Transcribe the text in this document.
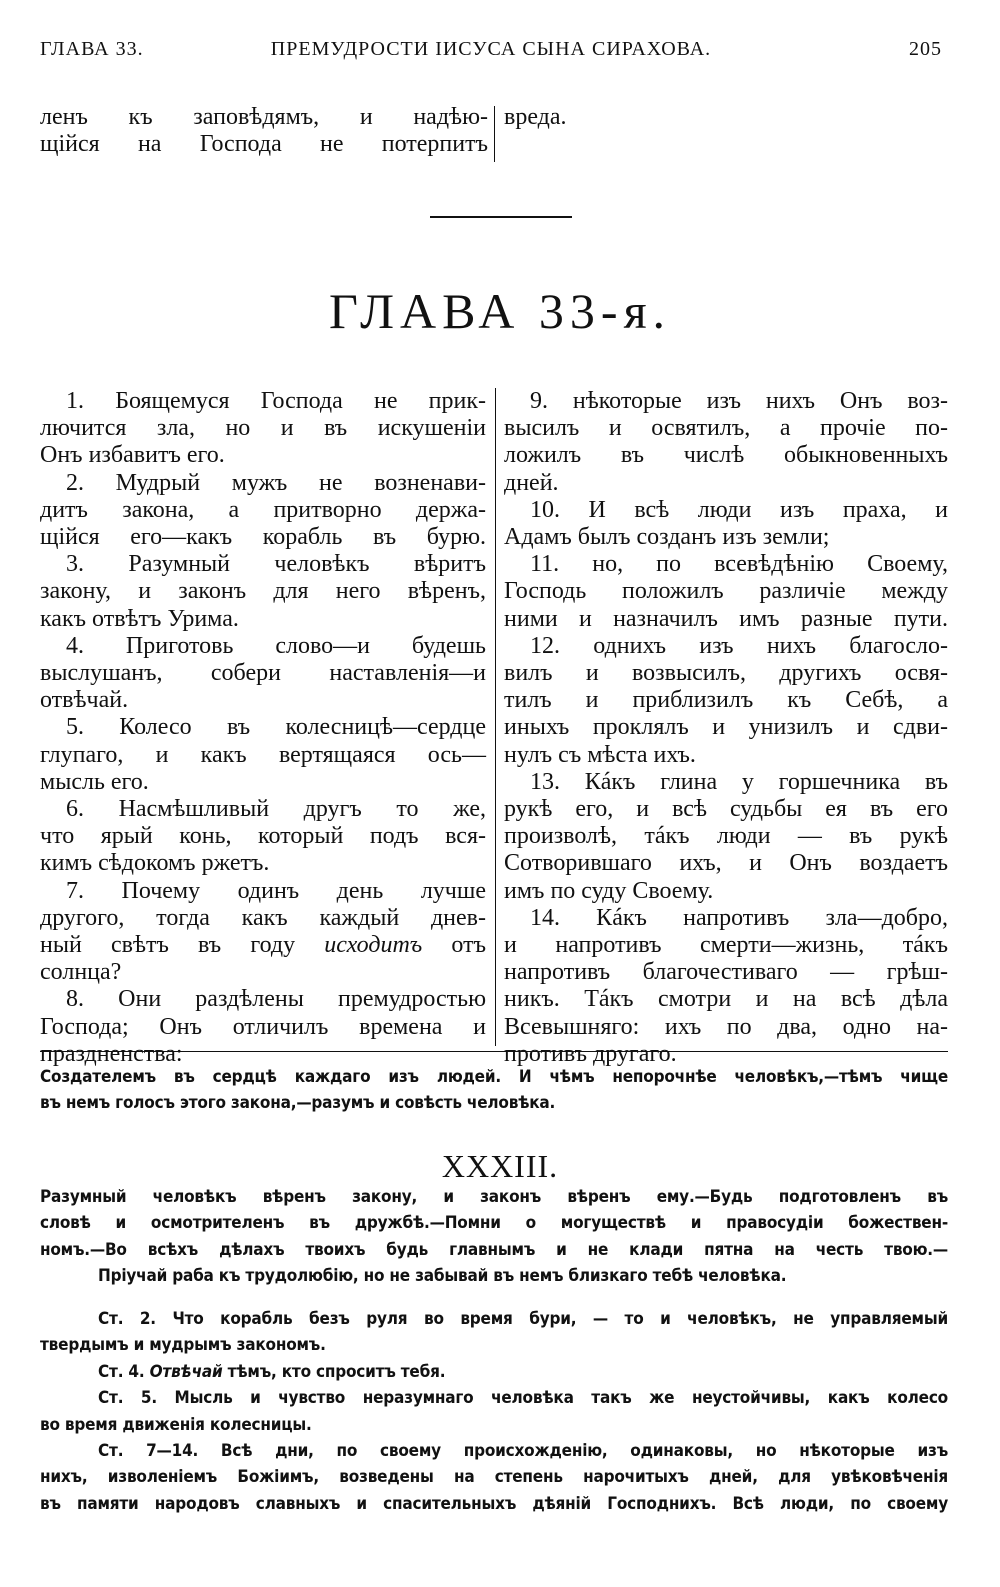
ГЛАВА 33.	ПРЕМУДРОСТИ ІИСУСА СЫНА СИРАХОВА.	205
ленъ къ заповѣдямъ, и надѣю-
щійся на Господа не потерпитъ
вреда.
ГЛАВА 33-я.

1. Боящемуся Господа не прик-
лючится зла, но и въ искушеніи
Онъ избавитъ его.

2. Мудрый мужъ не возненави-
дитъ закона, а притворно держа-
щійся его—какъ корабль въ бурю.

3. Разумный человѣкъ вѣритъ
закону, и законъ для него вѣренъ,
какъ отвѣтъ Урима.

4. Приготовь слово—и будешь
выслушанъ, собери наставленія—и
отвѣчай.

5. Колесо въ колесницѣ—сердце
глупаго, и какъ вертящаяся ось—
мысль его.

6. Насмѣшливый другъ то же,
что ярый конь, который подъ вся-
кимъ сѣдокомъ ржетъ.

7. Почему одинъ день лучше
другого, тогда какъ каждый днев-
ный свѣтъ въ году исходитъ отъ
солнца?

8. Они раздѣлены премудростью
Господа; Онъ отличилъ времена и
праздненства:

9. нѣкоторые изъ нихъ Онъ воз-
высилъ и освятилъ, а прочіе по-
ложилъ въ числѣ обыкновенныхъ
дней.

10. И всѣ люди изъ праха, и
Адамъ былъ созданъ изъ земли;

11. но, по всевѣдѣнію Своему,
Господь положилъ различіе между
ними и назначилъ имъ разные пути.

12. однихъ изъ нихъ благосло-
вилъ и возвысилъ, другихъ освя-
тилъ и приблизилъ къ Себѣ, а
иныхъ проклялъ и унизилъ и сдви-
нулъ съ мѣста ихъ.

13. Кáкъ глина у горшечника въ
рукѣ его, и всѣ судьбы ея въ его
произволѣ, тáкъ люди — въ рукѣ
Сотворившаго ихъ, и Онъ воздаетъ
имъ по суду Своему.

14. Кáкъ напротивъ зла—добро,
и напротивъ смерти—жизнь, тáкъ
напротивъ благочестиваго — грѣш-
никъ. Тáкъ смотри и на всѣ дѣла
Всевышняго: ихъ по два, одно на-
противъ другаго.

Создателемъ въ сердцѣ каждаго изъ людей. И чѣмъ непорочнѣе человѣкъ,—тѣмъ чище
въ немъ голосъ этого закона,—разумъ и совѣсть человѣка.
XXXIII.
Разумный человѣкъ вѣренъ закону, и законъ вѣренъ ему.—Будь подготовленъ въ
словѣ и осмотрителенъ въ дружбѣ.—Помни о могуществѣ и правосудіи божествен-
номъ.—Во всѣхъ дѣлахъ твоихъ будь главнымъ и не клади пятна на честь твою.—
Пріучай раба къ трудолюбію, но не забывай въ немъ близкаго тебѣ человѣка.
Ст. 2. Что корабль безъ руля во время бури, — то и человѣкъ, не управляемый
твердымъ и мудрымъ закономъ.
Ст. 4. Отвѣчай тѣмъ, кто спроситъ тебя.
Ст. 5. Мысль и чувство неразумнаго человѣка такъ же неустойчивы, какъ колесо
во время движенія колесницы.
Ст. 7—14. Всѣ дни, по своему происхожденію, одинаковы, но нѣкоторые изъ
нихъ, изволеніемъ Божіимъ, возведены на степень нарочитыхъ дней, для увѣковѣченія
въ памяти народовъ славныхъ и спасительныхъ дѣяній Господнихъ. Всѣ люди, по своему
